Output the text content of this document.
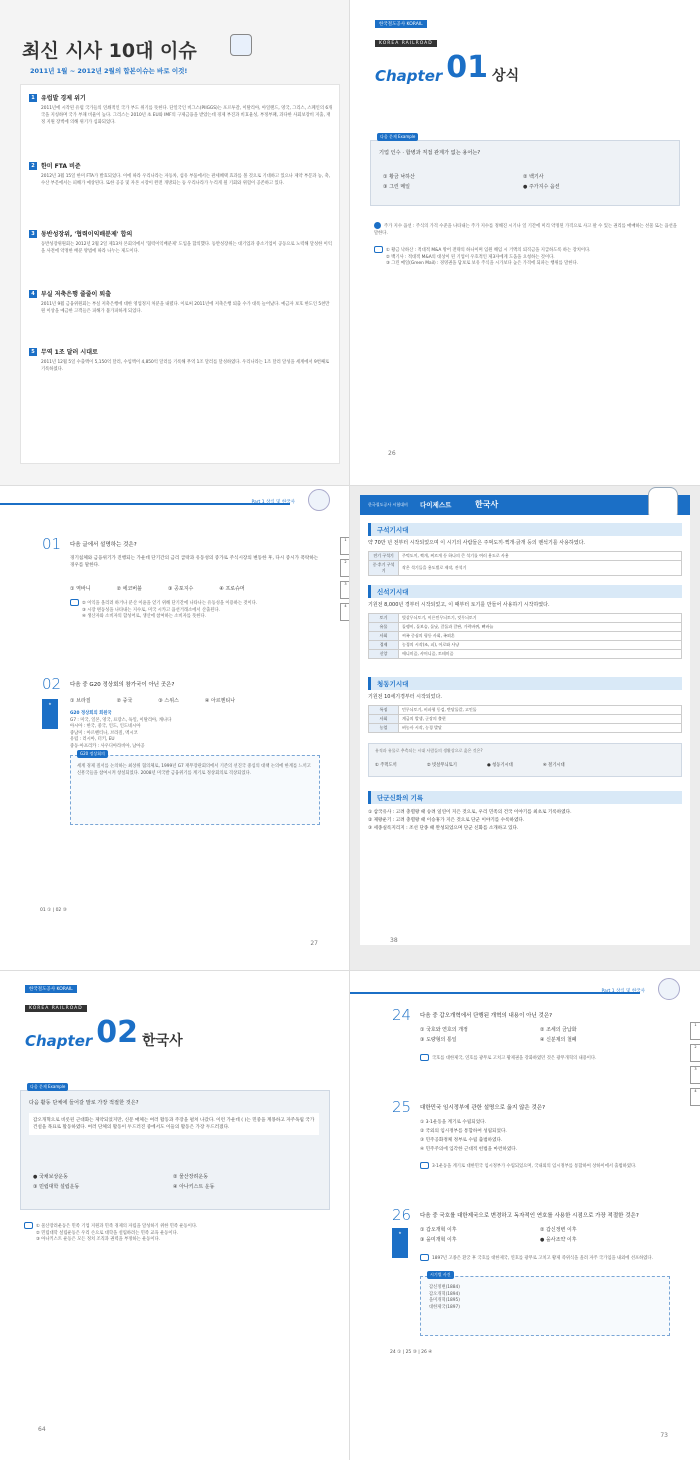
최신 시사 10대 이슈
2011년 1월 ~ 2012년 2월의 합본이슈는 바로 이것!
1	유럽발 경제 위기
2011년에 시작된 유럽 국가들의 연쇄적인 국가 부도 위기를 뜻한다. 단일국인 비그스(PIIGGS)는 포르투갈, 이탈리아, 아일랜드, 영국, 그리스, 스페인의 6개국을 지칭하며 국가 부채 비율이 높다. 그리스는 2010년 초 EU와 IMF의 구제금융을 받았는데 경제 부진과 비효율성, 부정부패, 과다한 사회보장비 지출, 재정 지원 장벽에 의해 위기가 심화되었다.
2	한미 FTA 비준
2012년 3월 15일 한미 FTA가 발효되었다. 이에 따라 우리나라는 자동차, 섬유 부품에서는 관세혜택 효과를 볼 것으로 기대하고 있으나 제약 부문과 농, 축, 수산 부문에서는 피해가 예상된다. 또한 공공 및 자본 시장이 완전 개방되는 등 우리나라가 누리게 될 기회와 위험이 공존하고 있다.
3	동반성장위, '협력이익배분제' 합의
동반성장위원회는 2012년 2월 2일 제13차 본회의에서 '협력이익배분제' 도입을 합의했다. 동반성장위는 대기업과 중소기업이 공동으로 노력해 달성한 이익을 사전에 약정한 배분 방법에 따라 나누는 제도이다.
4	부실 저축은행 줄줄이 퇴출
2011년 9월 금융위원회는 부실 저축은행에 대한 영업정지 처분을 내렸다. 이로써 2011년에 저축은행 퇴출 수가 대폭 늘어났다. 예금자 보호 한도인 5천만 원 이상을 예금한 고객들은 피해가 불가피하게 되었다.
5	무역 1조 달러 시대로
2011년 12월 5일 수출액이 5,150억 달러, 수입액이 4,850억 달러를 기록해 무역 1조 달러를 달성하였다. 우리나라는 1조 달러 달성을 세계에서 9번째로 기록하였다.
한국철도공사 KORAIL
KOREA RAILROAD
Chapter 01 상식
다음 문제 Example
기업 인수 · 합병과 직접 관계가 없는 용어는?
① 황금 낙하산	② 백기사
③ 그린 메일	● 주가지수 옵션
주가 지수 옵션 : 주식의 가격 수준을 나타내는 주가 지수를 정해진 시기나 일 기간에 미리 약정된 가격으로 사고 팔 수 있는 권리를 매매하는 선물 또는 옵션을 말한다.
① 황금 낙하산 : 적대적 M&A 방어 전략의 하나이며 임원 해임 시 거액의 퇴직금을 지급하도록 하는 장치이다.
② 백기사 : 적대적 M&A의 대상이 된 기업이 우호적인 제3자에게 도움을 요청하는 것이다.
③ 그린 메일(Green Mail) : 경영권을 담보로 보유 주식을 시가보다 높은 가격에 되파는 행위를 말한다.
26
Part 1 상식 및 한국사
1
2
3
4
01 다음 글에서 설명하는 것은?
경기침체와 금융위기가 진행되는 가운데 단기간의 금리 급락과 유동성의 증가로 주식시장의 변동한 후, 다시 증시가 폭락하는 경우를 말한다.
① 역바니	② 에코버블	③ 공포지수	④ 프로슈머
② 이익을 올리려 하거나 분산 이윤을 얻기 위해 단기간에 나타나는 유동성을 이용하는 것이다.
③ 시장 변동성을 나타내는 지수로, 미국 시카고 옵션거래소에서 산출된다.
④ 생산자와 소비자의 합성어로, 생산에 참여하는 소비자를 뜻한다.
02 다음 중 G20 정상회의 참가국이 아닌 곳은?
① 브라질	② 중국	③ 스위스	④ 아르헨티나
★
G20 정상회의 회원국
G7 : 미국, 일본, 영국, 프랑스, 독일, 이탈리아, 캐나다
아시아 : 한국, 중국, 인도, 인도네시아
중남미 : 아르헨티나, 브라질, 멕시코
유럽 : 러시아, 터키, EU
중동·아프리카 : 사우디아라비아, 남아공
G20 정상회의
세계 경제 질서를 논의하는 최상위 협의체로, 1999년 G7 재무장관회의에서 기존의 선진국 중심의 대책 논의에 한계를 느끼고 신흥국들을 참여시켜 창설되었다. 2008년 미국발 금융위기를 계기로 정상회의로 격상되었다.
01 ① | 02 ③
27
한국철도공사 시험대비 다이제스트	한국사
구석기시대
약 70만 년 전부터 시작되었으며 이 시기의 사람들은 주먹도끼·찍개·긁개 등의 뗀석기를 사용하였다.
전기 구석기	주먹도끼, 찍개, 찌르개 등 하나의 큰 석기를 여러 용도로 사용
중·후기 구석기	작은 석기들을 용도별로 제작, 잔석기
신석기시대
기원전 8,000년 경부터 시작되었고, 이 때부터 토기를 만들어 사용하기 시작하였다.
토기	빗살무늬토기, 이른민무늬토기, 덧무늬토기
유물	돌괭이, 돌보습, 돌낫, 갈돌과 갈판, 가락바퀴, 뼈바늘
사회	씨족 중심의 평등 사회, 족외혼
경제	농경의 시작(조, 피), 어로와 사냥
신앙	애니미즘, 샤머니즘, 토테미즘
청동기시대
기원전 10세기경부터 시작되었다.
특징	민무늬토기, 비파형 동검, 반달돌칼, 고인돌
사회	계급의 발생, 군장의 출현
농업	벼농사 시작, 농경 발달
유적과 유물로 추측되는 시대 사람들의 생활상으로 옳은 것은?
① 주먹도끼	② 빗살무늬토기	● 청동기시대	④ 철기시대
단군신화의 기록
① 삼국유사 : 고려 충렬왕 때 승려 일연이 지은 것으로, 우리 민족의 건국 이야기를 최초로 기록하였다.
② 제왕운기 : 고려 충렬왕 때 이승휴가 지은 것으로 단군 이야기를 수록하였다.
③ 세종실록지리지 : 조선 단종 때 완성되었으며 단군 신화를 소개하고 있다.
38
한국철도공사 KORAIL
KOREA RAILROAD
Chapter 02 한국사
다음 문제 Example
다음 활동 단체에 들어갈 말로 가장 적절한 것은?
갑오개혁으로 비롯된 근대화는 제약되었지만, 신문 매체는 여러 활동과 주장을 펼쳐 나갔다. 이런 가운데 ( )는 민중을 계몽하고 자주독립 국가 건설을 목표로 활동하였다. 여러 단체의 활동이 두드러진 중에서도 이들의 활동은 가장 두드러졌다.
● 국채보상운동	② 물산장려운동
③ 민립대학 설립운동	④ 아나키스트 운동
① 물산장려운동은 민족 기업 지원과 민족 경제의 자립을 달성하기 위한 민족 운동이다.
② 민립대학 설립운동은 우리 손으로 대학을 설립하려는 민족 교육 운동이다.
③ 아나키스트 운동은 모든 정치 조직과 권력을 부정하는 운동이다.
64
Part 1 상식 및 한국사
1
2
3
4
24 다음 중 갑오개혁에서 단행된 개혁의 내용이 아닌 것은?
① 국호와 연호의 개정	② 조세의 금납화
③ 도량형의 통일	④ 신분제의 철폐
국호를 대한제국, 연호를 광무로 고치고 황제권을 강화하였던 것은 광무개혁의 내용이다.
25 대한민국 임시정부에 관한 설명으로 옳지 않은 것은?
① 3·1운동을 계기로 수립되었다.
② 국외의 임시정부를 통합하여 성립되었다.
③ 민주공화정체 정부로 수립 출범하였다.
④ 민주주의에 입각한 근대적 헌법을 마련하였다.
3·1운동을 계기로 대한민국 임시정부가 수립되었으며, 국내외의 임시정부를 통합하여 상하이에서 출범하였다.
26 다음 중 국호를 대한제국으로 변경하고 독자적인 연호를 사용한 시점으로 가장 적절한 것은?
★	① 갑오개혁 이후	② 갑신정변 이후
③ 을미개혁 이후	● 을사조약 이후
1897년 고종은 환궁 후 국호를 대한제국, 연호를 광무로 고치고 황제 즉위식을 올려 자주 국가임을 내외에 선포하였다.
시기별 사건
갑신정변(1884)
갑오개혁(1894)
을미개혁(1895)
대한제국(1897)
24 ① | 25 ③ | 26 ④
73
